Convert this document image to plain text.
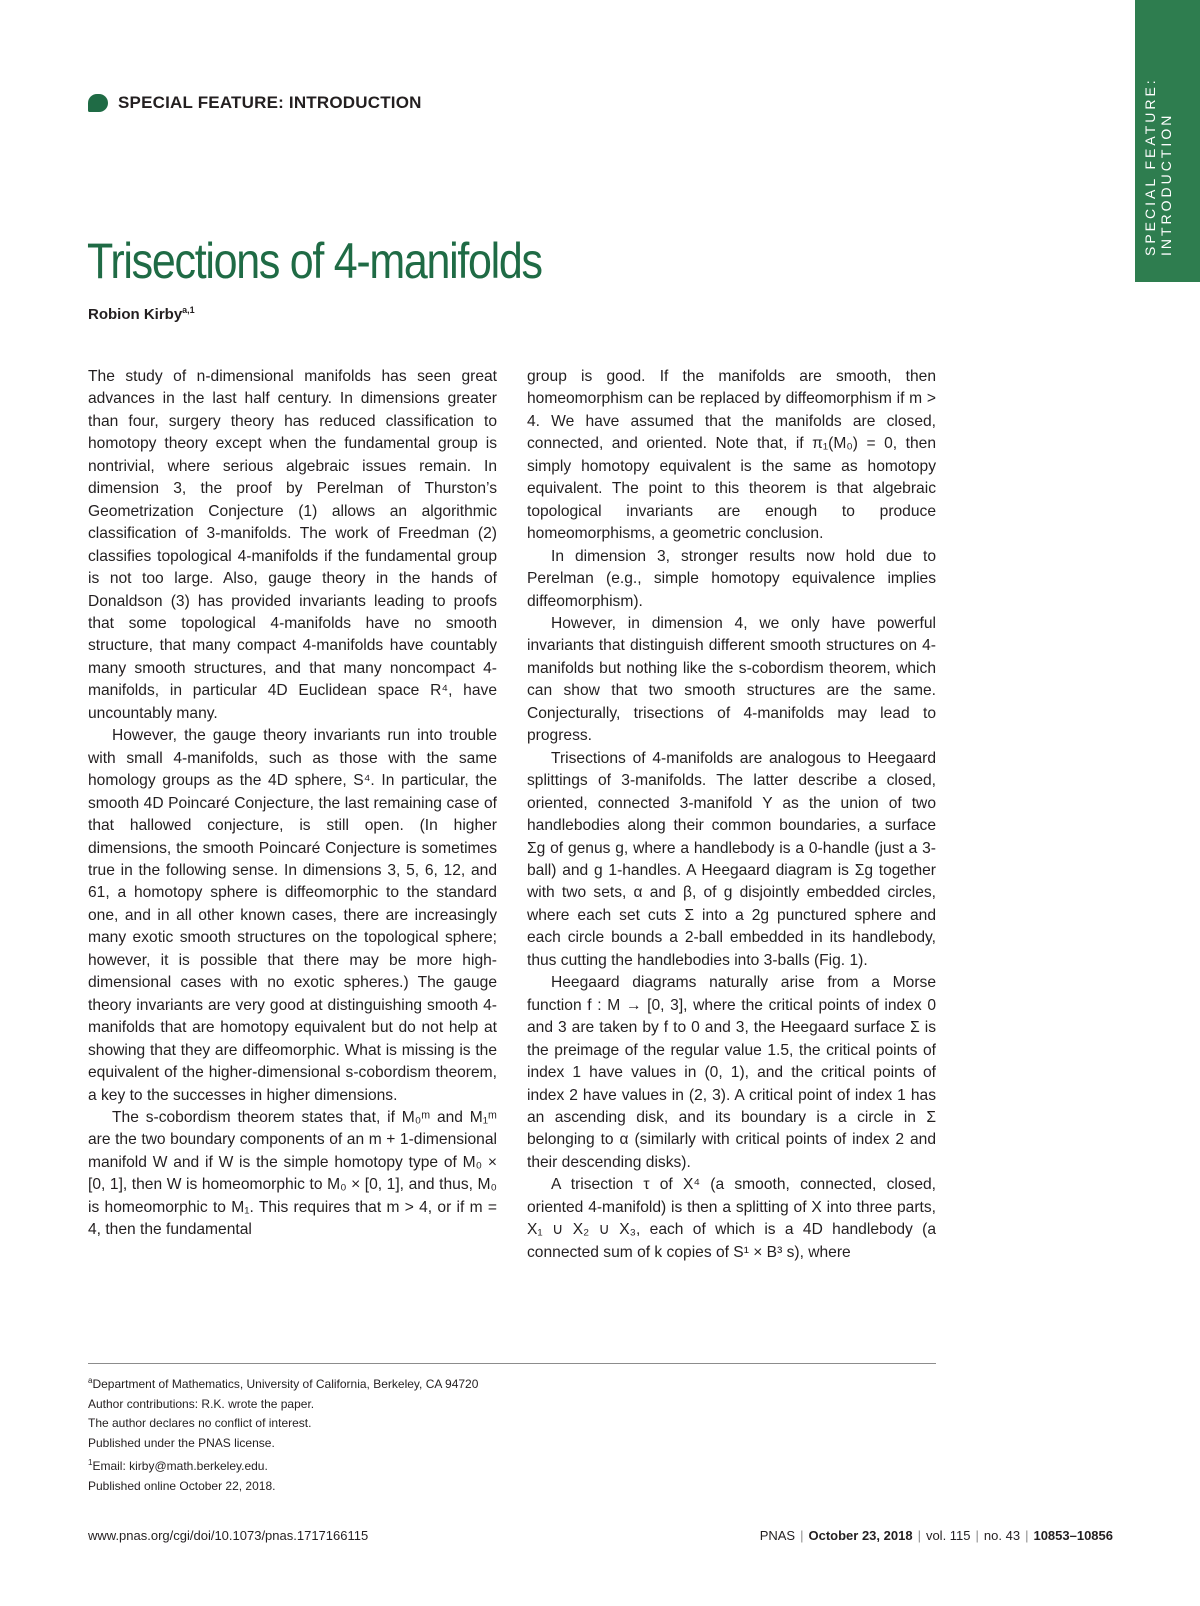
SPECIAL FEATURE: INTRODUCTION
SPECIAL FEATURE: INTRODUCTION
Trisections of 4-manifolds
Robion Kirby$^{a,1}$

The study of n-dimensional manifolds has seen great advances in the last half century. In dimensions greater than four, surgery theory has reduced classification to homotopy theory except when the fundamental group is nontrivial, where serious algebraic issues remain. In dimension 3, the proof by Perelman of Thurston’s Geometrization Conjecture (1) allows an algorithmic classification of 3-manifolds. The work of Freedman (2) classifies topological 4-manifolds if the fundamental group is not too large. Also, gauge theory in the hands of Donaldson (3) has provided invariants leading to proofs that some topological 4-manifolds have no smooth structure, that many compact 4-manifolds have countably many smooth structures, and that many noncompact 4-manifolds, in particular 4D Euclidean space R⁴, have uncountably many.

However, the gauge theory invariants run into trouble with small 4-manifolds, such as those with the same homology groups as the 4D sphere, S⁴. In particular, the smooth 4D Poincaré Conjecture, the last remaining case of that hallowed conjecture, is still open. (In higher dimensions, the smooth Poincaré Conjecture is sometimes true in the following sense. In dimensions 3, 5, 6, 12, and 61, a homotopy sphere is diffeomorphic to the standard one, and in all other known cases, there are increasingly many exotic smooth structures on the topological sphere; however, it is possible that there may be more high-dimensional cases with no exotic spheres.) The gauge theory invariants are very good at distinguishing smooth 4-manifolds that are homotopy equivalent but do not help at showing that they are diffeomorphic. What is missing is the equivalent of the higher-dimensional s-cobordism theorem, a key to the successes in higher dimensions.

The s-cobordism theorem states that, if M₀ᵐ and M₁ᵐ are the two boundary components of an m + 1-dimensional manifold W and if W is the simple homotopy type of M₀ × [0, 1], then W is homeomorphic to M₀ × [0, 1], and thus, M₀ is homeomorphic to M₁. This requires that m > 4, or if m = 4, then the fundamental

group is good. If the manifolds are smooth, then homeomorphism can be replaced by diffeomorphism if m > 4. We have assumed that the manifolds are closed, connected, and oriented. Note that, if π₁(M₀) = 0, then simply homotopy equivalent is the same as homotopy equivalent. The point to this theorem is that algebraic topological invariants are enough to produce homeomorphisms, a geometric conclusion.

In dimension 3, stronger results now hold due to Perelman (e.g., simple homotopy equivalence implies diffeomorphism).

However, in dimension 4, we only have powerful invariants that distinguish different smooth structures on 4-manifolds but nothing like the s-cobordism theorem, which can show that two smooth structures are the same. Conjecturally, trisections of 4-manifolds may lead to progress.

Trisections of 4-manifolds are analogous to Heegaard splittings of 3-manifolds. The latter describe a closed, oriented, connected 3-manifold Y as the union of two handlebodies along their common boundaries, a surface Σg of genus g, where a handlebody is a 0-handle (just a 3-ball) and g 1-handles. A Heegaard diagram is Σg together with two sets, α and β, of g disjointly embedded circles, where each set cuts Σ into a 2g punctured sphere and each circle bounds a 2-ball embedded in its handlebody, thus cutting the handlebodies into 3-balls (Fig. 1).

Heegaard diagrams naturally arise from a Morse function f : M → [0, 3], where the critical points of index 0 and 3 are taken by f to 0 and 3, the Heegaard surface Σ is the preimage of the regular value 1.5, the critical points of index 1 have values in (0, 1), and the critical points of index 2 have values in (2, 3). A critical point of index 1 has an ascending disk, and its boundary is a circle in Σ belonging to α (similarly with critical points of index 2 and their descending disks).

A trisection τ of X⁴ (a smooth, connected, closed, oriented 4-manifold) is then a splitting of X into three parts, X₁ ∪ X₂ ∪ X₃, each of which is a 4D handlebody (a connected sum of k copies of S¹ × B³ s), where

$^a$Department of Mathematics, University of California, Berkeley, CA 94720
Author contributions: R.K. wrote the paper.
The author declares no conflict of interest.
Published under the PNAS license.
$^1$Email: kirby@math.berkeley.edu.
Published online October 22, 2018.
www.pnas.org/cgi/doi/10.1073/pnas.1717166115	PNAS | October 23, 2018 | vol. 115 | no. 43 | 10853–10856
